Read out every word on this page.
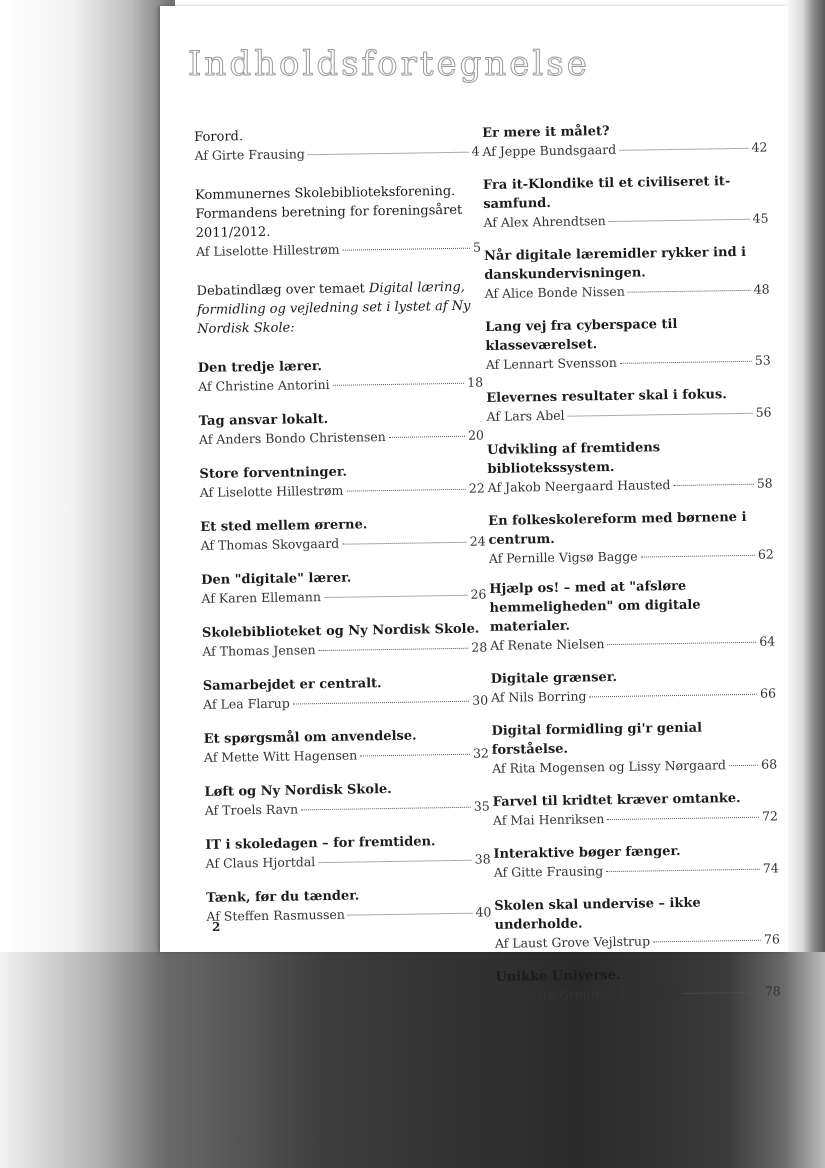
Indholdsfortegnelse
Forord.
Af Girte Frausing	4
Kommunernes Skolebiblioteksforening. Formandens beretning for foreningsåret 2011/2012.
Af Liselotte Hillestrøm	5
Debatindlæg over temaet Digital læring, formidling og vejledning set i lystet af Ny Nordisk Skole:
Den tredje lærer.
Af Christine Antorini	18
Tag ansvar lokalt.
Af Anders Bondo Christensen	20
Store forventninger.
Af Liselotte Hillestrøm	22
Et sted mellem ørerne.
Af Thomas Skovgaard	24
Den "digitale" lærer.
Af Karen Ellemann	26
Skolebiblioteket og Ny Nordisk Skole.
Af Thomas Jensen	28
Samarbejdet er centralt.
Af Lea Flarup	30
Et spørgsmål om anvendelse.
Af Mette Witt Hagensen	32
Løft og Ny Nordisk Skole.
Af Troels Ravn	35
IT i skoledagen – for fremtiden.
Af Claus Hjortdal	38
Tænk, før du tænder.
Af Steffen Rasmussen	40
Er mere it målet?
Af Jeppe Bundsgaard	42
Fra it-Klondike til et civiliseret it-samfund.
Af Alex Ahrendtsen	45
Når digitale læremidler rykker ind i danskundervisningen.
Af Alice Bonde Nissen	48
Lang vej fra cyberspace til klasseværelset.
Af Lennart Svensson	53
Elevernes resultater skal i fokus.
Af Lars Abel	56
Udvikling af fremtidens bibliotekssystem.
Af Jakob Neergaard Hausted	58
En folkeskolereform med børnene i centrum.
Af Pernille Vigsø Bagge	62
Hjælp os! – med at "afsløre hemmeligheden" om digitale materialer.
Af Renate Nielsen	64
Digitale grænser.
Af Nils Borring	66
Digital formidling gi'r genial forståelse.
Af Rita Mogensen og Lissy Nørgaard	68
Farvel til kridtet kræver omtanke.
Af Mai Henriksen	72
Interaktive bøger fænger.
Af Gitte Frausing	74
Skolen skal undervise – ikke underholde.
Af Laust Grove Vejlstrup	76
Unikke Universe.
Af Anette Grønholt Andersen	78
2
